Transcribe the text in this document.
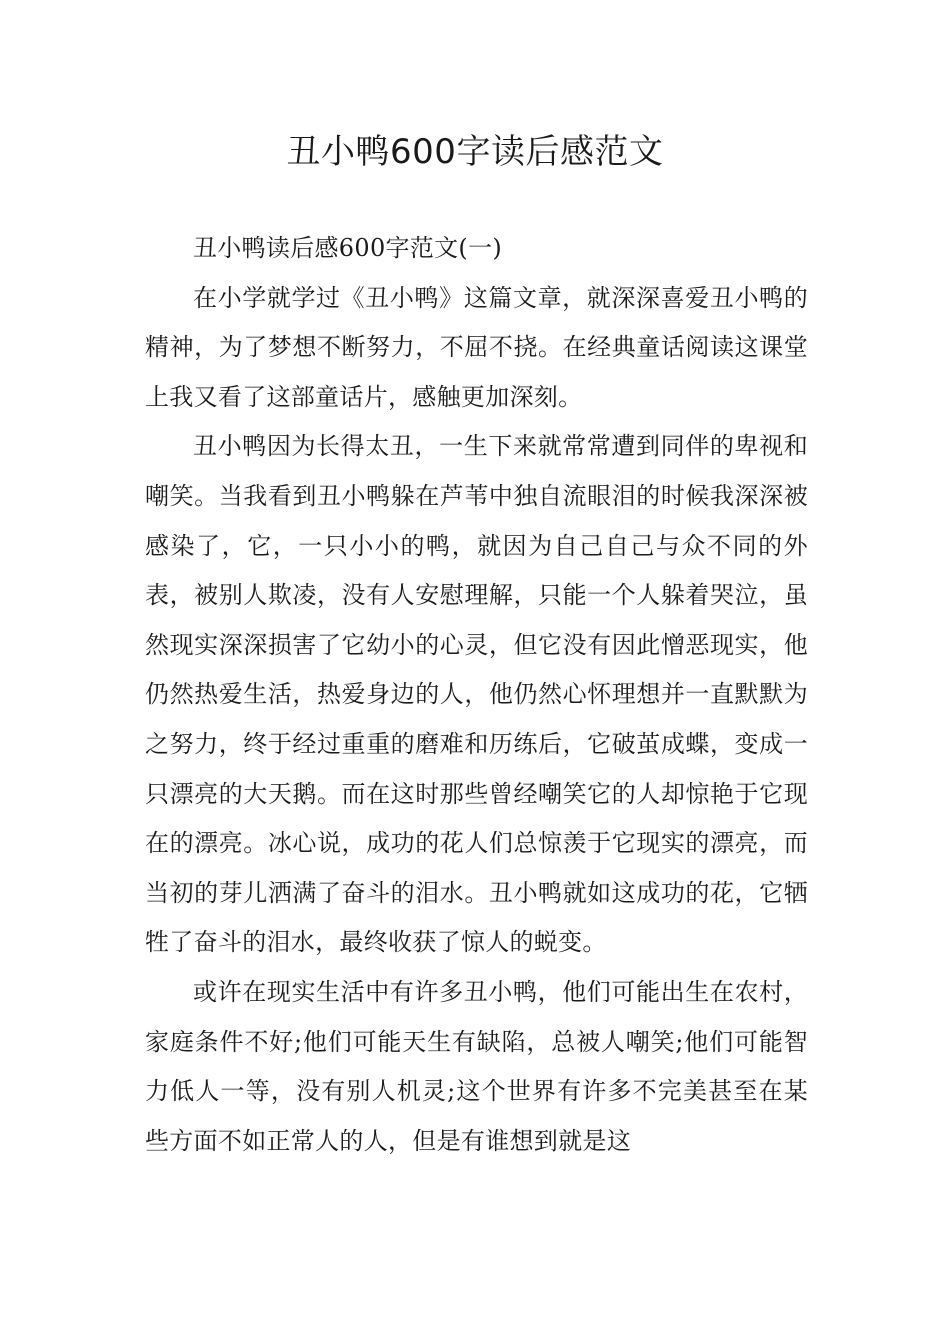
丑小鸭600字读后感范文

丑小鸭读后感600字范文(一)

在小学就学过《丑小鸭》这篇文章，就深深喜爱丑小鸭的精神，为了梦想不断努力，不屈不挠。在经典童话阅读这课堂上我又看了这部童话片，感触更加深刻。

丑小鸭因为长得太丑，一生下来就常常遭到同伴的卑视和嘲笑。当我看到丑小鸭躲在芦苇中独自流眼泪的时候我深深被感染了，它，一只小小的鸭，就因为自己自己与众不同的外表，被别人欺凌，没有人安慰理解，只能一个人躲着哭泣，虽然现实深深损害了它幼小的心灵，但它没有因此憎恶现实，他仍然热爱生活，热爱身边的人，他仍然心怀理想并一直默默为之努力，终于经过重重的磨难和历练后，它破茧成蝶，变成一只漂亮的大天鹅。而在这时那些曾经嘲笑它的人却惊艳于它现在的漂亮。冰心说，成功的花人们总惊羡于它现实的漂亮，而当初的芽儿洒满了奋斗的泪水。丑小鸭就如这成功的花，它牺牲了奋斗的泪水，最终收获了惊人的蜕变。

或许在现实生活中有许多丑小鸭，他们可能出生在农村，家庭条件不好;他们可能天生有缺陷，总被人嘲笑;他们可能智力低人一等，没有别人机灵;这个世界有许多不完美甚至在某些方面不如正常人的人，但是有谁想到就是这
